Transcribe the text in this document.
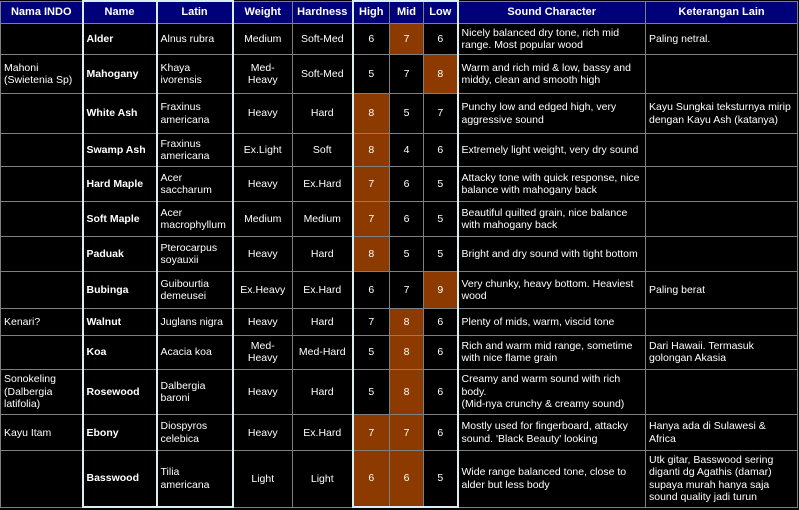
Nama INDO	Name	Latin	Weight	Hardness	High	Mid	Low	Sound Character	Keterangan Lain
	Alder	Alnus rubra	Medium	Soft-Med	6	7	6	Nicely balanced dry tone, rich mid range. Most popular wood	Paling netral.
Mahoni (Swietenia Sp)	Mahogany	Khaya ivorensis	Med-Heavy	Soft-Med	5	7	8	Warm and rich mid & low, bassy and middy, clean and smooth high	
	White Ash	Fraxinus americana	Heavy	Hard	8	5	7	Punchy low and edged high, very aggressive sound	Kayu Sungkai teksturnya mirip dengan Kayu Ash (katanya)
	Swamp Ash	Fraxinus americana	Ex.Light	Soft	8	4	6	Extremely light weight, very dry sound	
	Hard Maple	Acer saccharum	Heavy	Ex.Hard	7	6	5	Attacky tone with quick response, nice balance with mahogany back	
	Soft Maple	Acer macrophyllum	Medium	Medium	7	6	5	Beautiful quilted grain, nice balance with mahogany back	
	Paduak	Pterocarpus soyauxii	Heavy	Hard	8	5	5	Bright and dry sound with tight bottom	
	Bubinga	Guibourtia demeusei	Ex.Heavy	Ex.Hard	6	7	9	Very chunky, heavy bottom. Heaviest wood	Paling berat
Kenari?	Walnut	Juglans nigra	Heavy	Hard	7	8	6	Plenty of mids, warm, viscid tone	
	Koa	Acacia koa	Med-Heavy	Med-Hard	5	8	6	Rich and warm mid range, sometime with nice flame grain	Dari Hawaii. Termasuk golongan Akasia
Sonokeling (Dalbergia latifolia)	Rosewood	Dalbergia baroni	Heavy	Hard	5	8	6	Creamy and warm sound with rich body.
(Mid-nya crunchy & creamy sound)	
Kayu Itam	Ebony	Diospyros celebica	Heavy	Ex.Hard	7	7	6	Mostly used for fingerboard, attacky sound. 'Black Beauty' looking	Hanya ada di Sulawesi & Africa
	Basswood	Tilia americana	Light	Light	6	6	5	Wide range balanced tone, close to alder but less body	Utk gitar, Basswood sering diganti dg Agathis (damar) supaya murah hanya saja sound quality jadi turun
